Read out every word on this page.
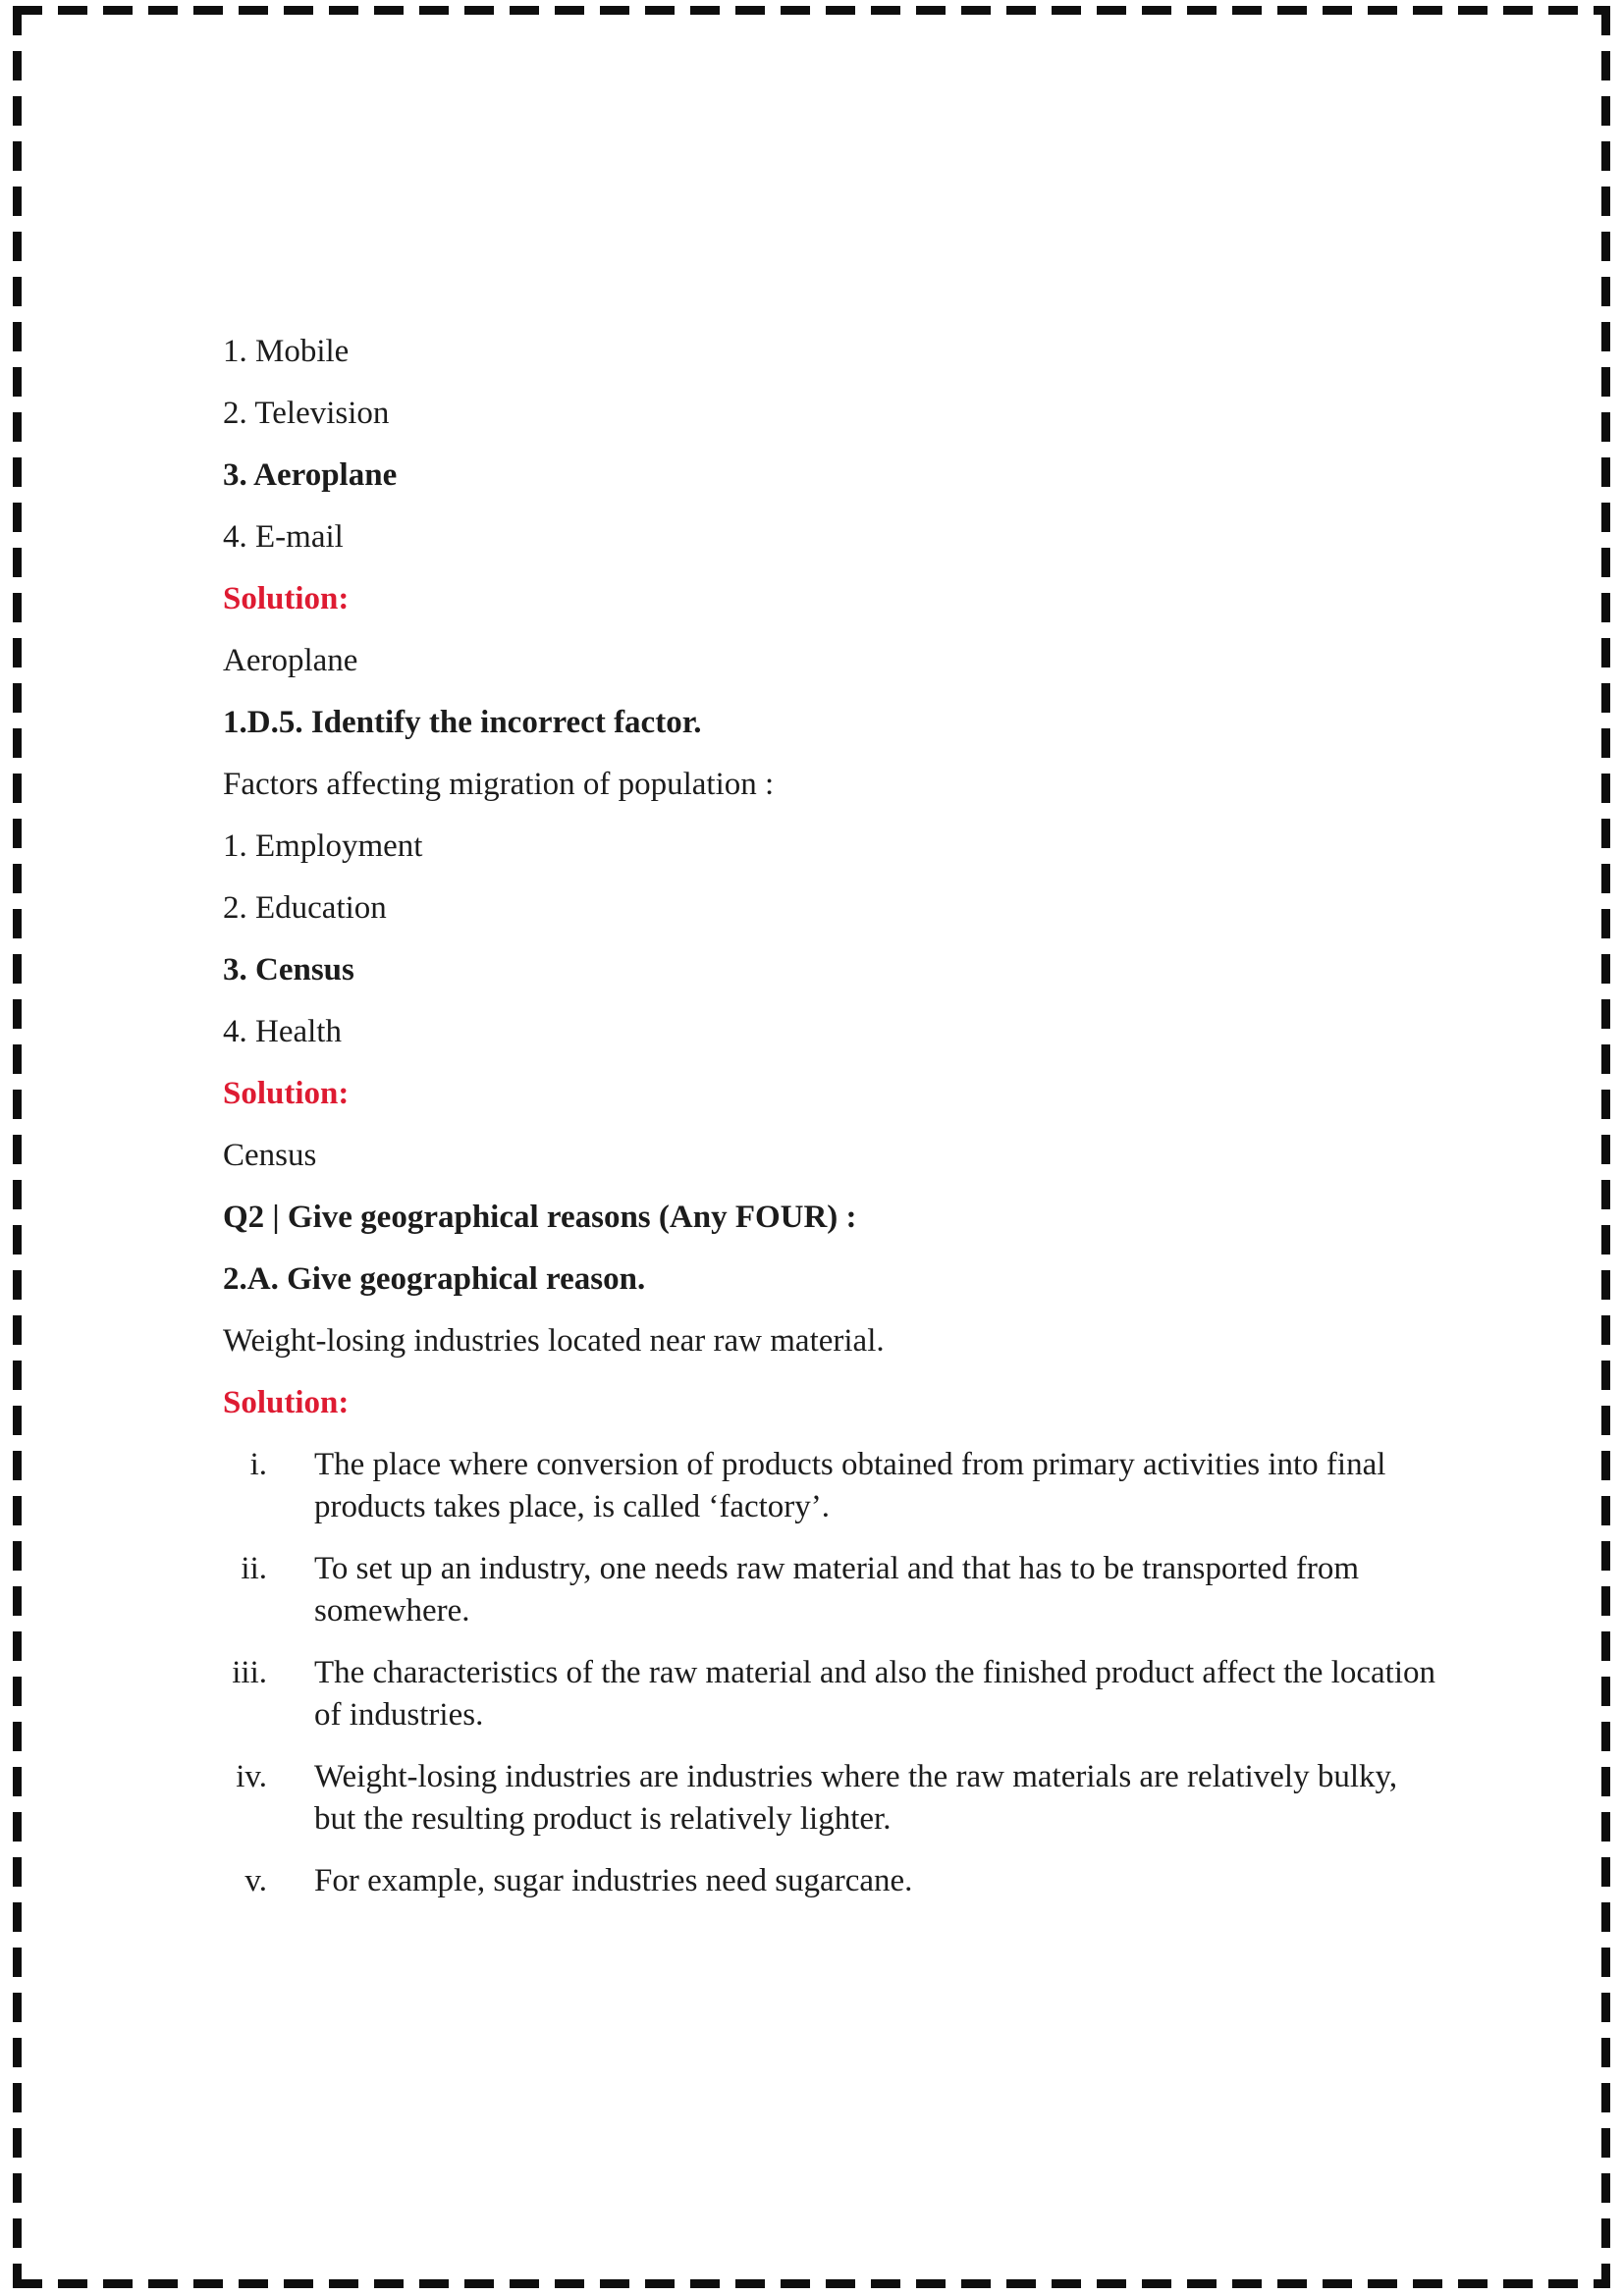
1. Mobile

2. Television

3. Aeroplane

4. E-mail

Solution:

Aeroplane

1.D.5. Identify the incorrect factor.

Factors affecting migration of population :

1. Employment

2. Education

3. Census

4. Health

Solution:

Census

Q2 | Give geographical reasons (Any FOUR) :

2.A. Give geographical reason.

Weight-losing industries located near raw material.

Solution:

i. The place where conversion of products obtained from primary activities into final products takes place, is called ‘factory’.
ii. To set up an industry, one needs raw material and that has to be transported from somewhere.
iii. The characteristics of the raw material and also the finished product affect the location of industries.
iv. Weight-losing industries are industries where the raw materials are relatively bulky, but the resulting product is relatively lighter.
v. For example, sugar industries need sugarcane.
